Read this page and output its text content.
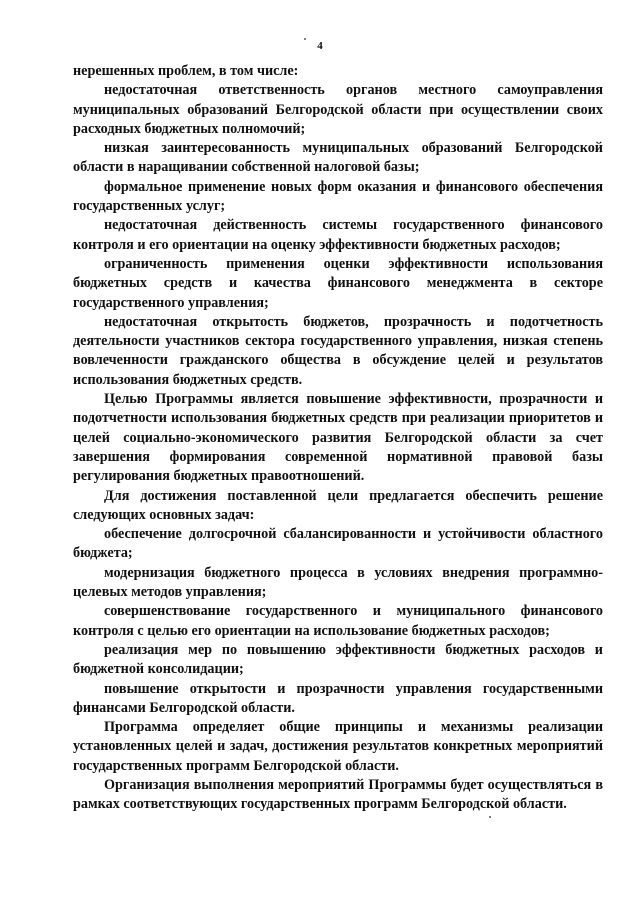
4

нерешенных проблем, в том числе:

недостаточная ответственность органов местного самоуправления муниципальных образований Белгородской области при осуществлении своих расходных бюджетных полномочий;

низкая заинтересованность муниципальных образований Белгородской области в наращивании собственной налоговой базы;

формальное применение новых форм оказания и финансового обеспечения государственных услуг;

недостаточная действенность системы государственного финансового контроля и его ориентации на оценку эффективности бюджетных расходов;

ограниченность применения оценки эффективности использования бюджетных средств и качества финансового менеджмента в секторе государственного управления;

недостаточная открытость бюджетов, прозрачность и подотчетность деятельности участников сектора государственного управления, низкая степень вовлеченности гражданского общества в обсуждение целей и результатов использования бюджетных средств.

Целью Программы является повышение эффективности, прозрачности и подотчетности использования бюджетных средств при реализации приоритетов и целей социально-экономического развития Белгородской области за счет завершения формирования современной нормативной правовой базы регулирования бюджетных правоотношений.

Для достижения поставленной цели предлагается обеспечить решение следующих основных задач:

обеспечение долгосрочной сбалансированности и устойчивости областного бюджета;

модернизация бюджетного процесса в условиях внедрения программно-целевых методов управления;

совершенствование государственного и муниципального финансового контроля с целью его ориентации на использование бюджетных расходов;

реализация мер по повышению эффективности бюджетных расходов и бюджетной консолидации;

повышение открытости и прозрачности управления государственными финансами Белгородской области.

Программа определяет общие принципы и механизмы реализации установленных целей и задач, достижения результатов конкретных мероприятий государственных программ Белгородской области.

Организация выполнения мероприятий Программы будет осуществляться в рамках соответствующих государственных программ Белгородской области.
